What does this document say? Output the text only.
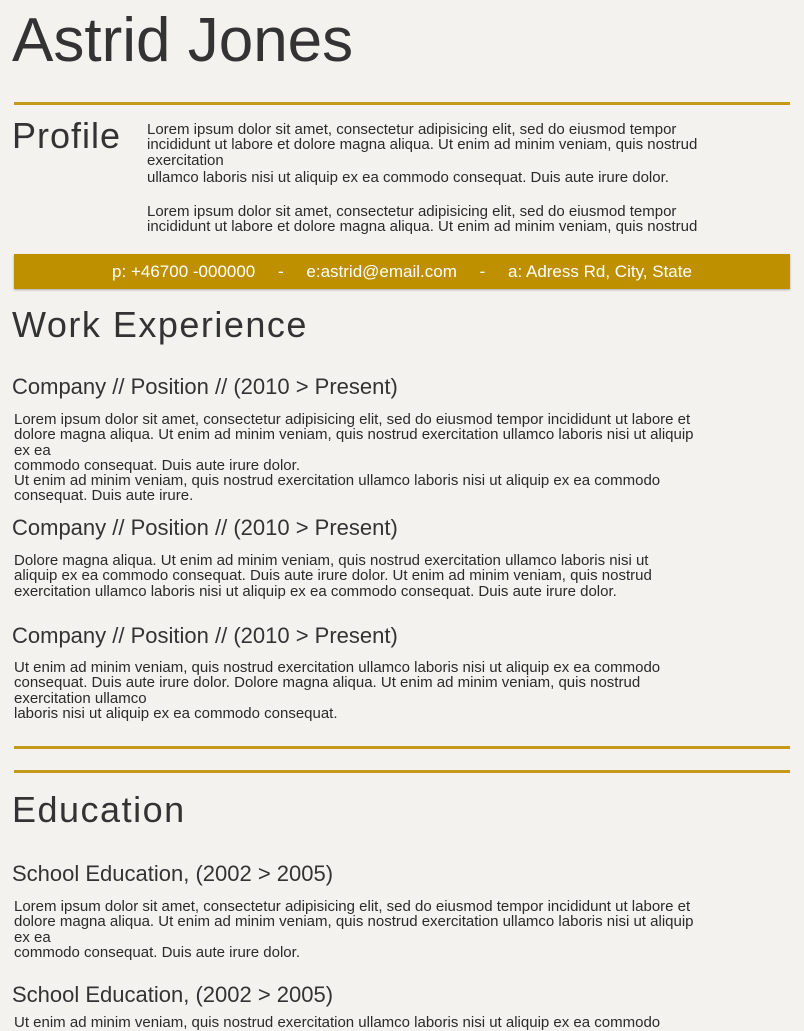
Astrid Jones
Profile Lorem ipsum dolor sit amet, consectetur adipisicing elit, sed do eiusmod tempor
incididunt ut labore et dolore magna aliqua. Ut enim ad minim veniam, quis nostrud
exercitation
ullamco laboris nisi ut aliquip ex ea commodo consequat. Duis aute irure dolor.
Lorem ipsum dolor sit amet, consectetur adipisicing elit, sed do eiusmod tempor
incididunt ut labore et dolore magna aliqua. Ut enim ad minim veniam, quis nostrud
p: +46700 -000000 - e:astrid@email.com - a: Adress Rd, City, State
Work Experience
Company // Position // (2010 > Present)
Lorem ipsum dolor sit amet, consectetur adipisicing elit, sed do eiusmod tempor incididunt ut labore et
dolore magna aliqua. Ut enim ad minim veniam, quis nostrud exercitation ullamco laboris nisi ut aliquip
ex ea
commodo consequat. Duis aute irure dolor.
Ut enim ad minim veniam, quis nostrud exercitation ullamco laboris nisi ut aliquip ex ea commodo
consequat. Duis aute irure.
Company // Position // (2010 > Present)
Dolore magna aliqua. Ut enim ad minim veniam, quis nostrud exercitation ullamco laboris nisi ut
aliquip ex ea commodo consequat. Duis aute irure dolor. Ut enim ad minim veniam, quis nostrud
exercitation ullamco laboris nisi ut aliquip ex ea commodo consequat. Duis aute irure dolor.
Company // Position // (2010 > Present)
Ut enim ad minim veniam, quis nostrud exercitation ullamco laboris nisi ut aliquip ex ea commodo
consequat. Duis aute irure dolor. Dolore magna aliqua. Ut enim ad minim veniam, quis nostrud
exercitation ullamco
laboris nisi ut aliquip ex ea commodo consequat.
Education
School Education, (2002 > 2005)
Lorem ipsum dolor sit amet, consectetur adipisicing elit, sed do eiusmod tempor incididunt ut labore et
dolore magna aliqua. Ut enim ad minim veniam, quis nostrud exercitation ullamco laboris nisi ut aliquip
ex ea
commodo consequat. Duis aute irure dolor.
School Education, (2002 > 2005)
Ut enim ad minim veniam, quis nostrud exercitation ullamco laboris nisi ut aliquip ex ea commodo
